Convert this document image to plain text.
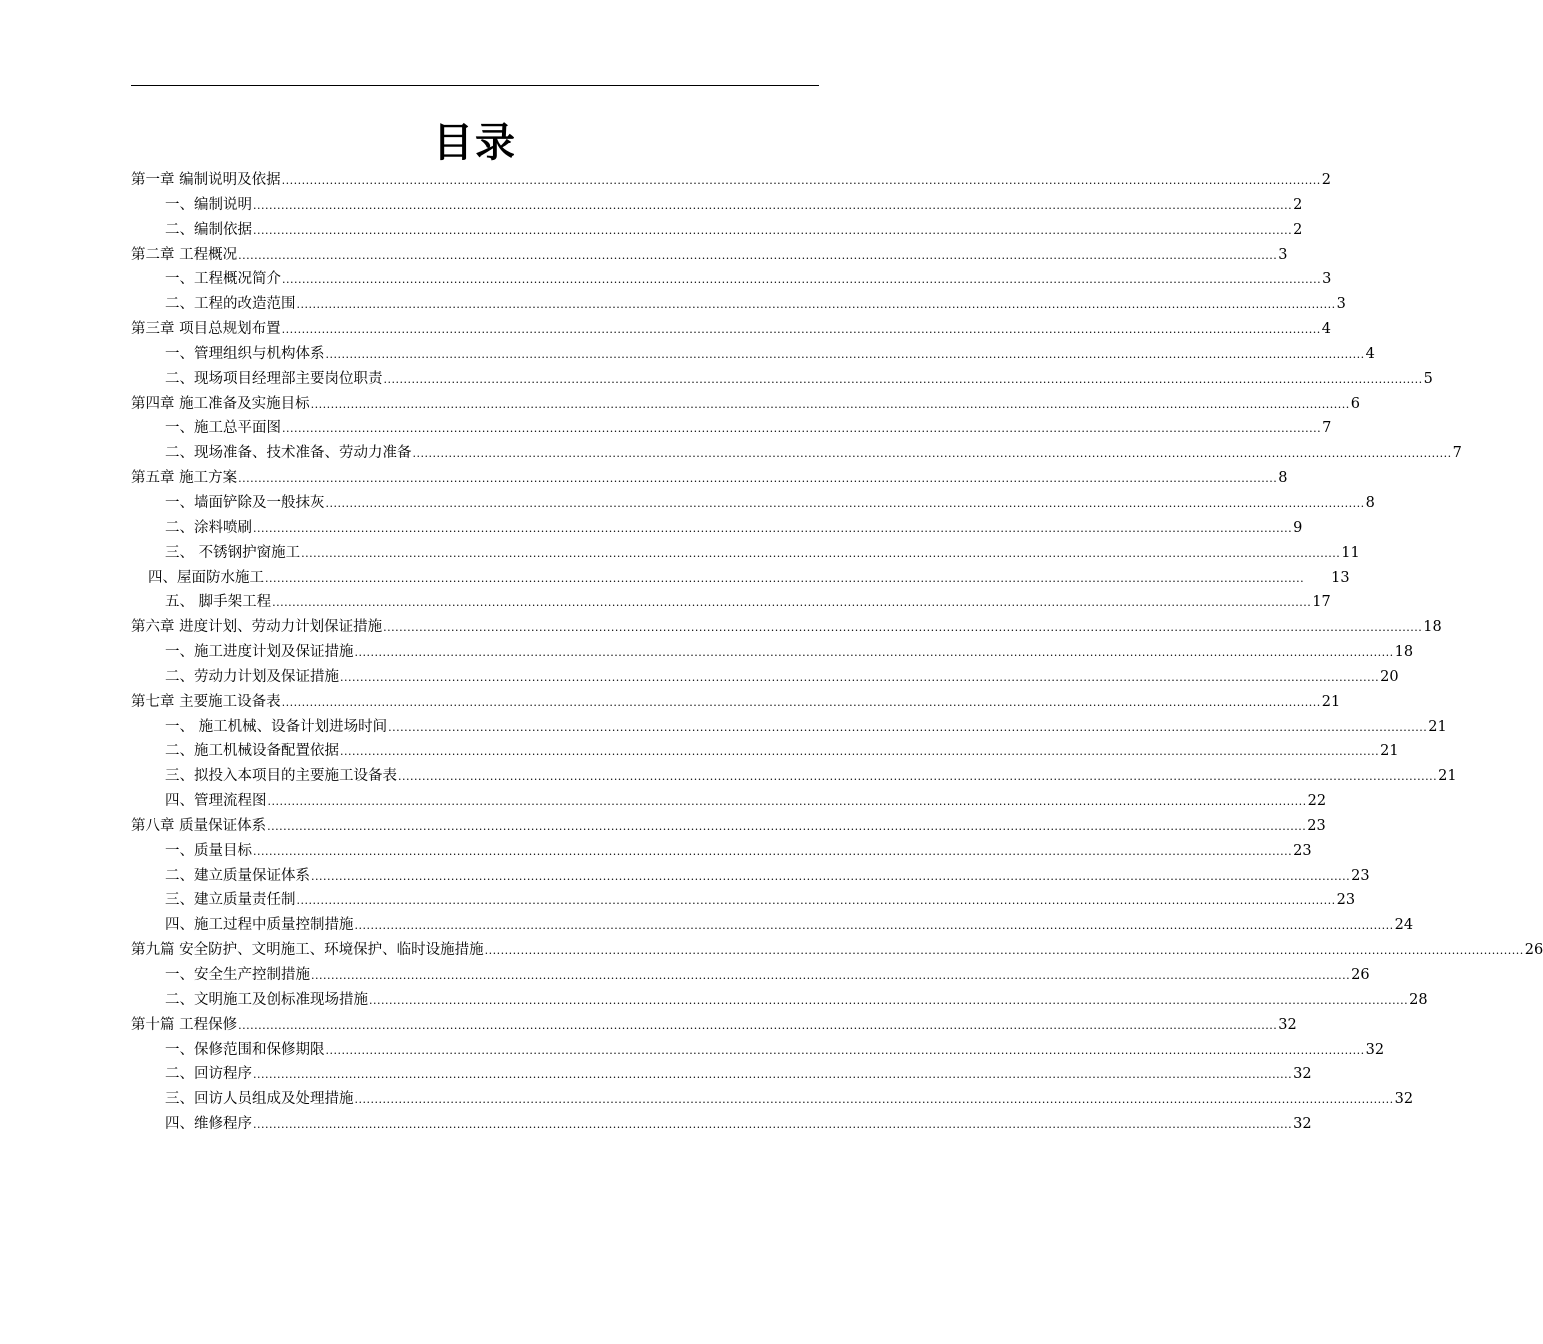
目录
第一章 编制说明及依据 .................................................................................................................................................................................................................................................................... 2
一、编制说明 .................................................................................................................................................................................................................................................................... 2
二、编制依据 .................................................................................................................................................................................................................................................................... 2
第二章 工程概况 .................................................................................................................................................................................................................................................................... 3
一、工程概况简介 .................................................................................................................................................................................................................................................................... 3
二、工程的改造范围 .................................................................................................................................................................................................................................................................... 3
第三章 项目总规划布置 .................................................................................................................................................................................................................................................................... 4
一、管理组织与机构体系 .................................................................................................................................................................................................................................................................... 4
二、现场项目经理部主要岗位职责 .................................................................................................................................................................................................................................................................... 5
第四章 施工准备及实施目标 .................................................................................................................................................................................................................................................................... 6
一、施工总平面图 .................................................................................................................................................................................................................................................................... 7
二、现场准备、技术准备、劳动力准备 .................................................................................................................................................................................................................................................................... 7
第五章 施工方案 .................................................................................................................................................................................................................................................................... 8
一、墙面铲除及一般抹灰 .................................................................................................................................................................................................................................................................... 8
二、涂料喷刷 .................................................................................................................................................................................................................................................................... 9
三、 不锈钢护窗施工 .................................................................................................................................................................................................................................................................... 11
四、屋面防水施工 .................................................................................................................................................................................................................................................................... 13
五、 脚手架工程 .................................................................................................................................................................................................................................................................... 17
第六章 进度计划、劳动力计划保证措施 .................................................................................................................................................................................................................................................................... 18
一、施工进度计划及保证措施 .................................................................................................................................................................................................................................................................... 18
二、劳动力计划及保证措施 .................................................................................................................................................................................................................................................................... 20
第七章 主要施工设备表 .................................................................................................................................................................................................................................................................... 21
一、 施工机械、设备计划进场时间 .................................................................................................................................................................................................................................................................... 21
二、施工机械设备配置依据 .................................................................................................................................................................................................................................................................... 21
三、拟投入本项目的主要施工设备表 .................................................................................................................................................................................................................................................................... 21
四、管理流程图 .................................................................................................................................................................................................................................................................... 22
第八章 质量保证体系 .................................................................................................................................................................................................................................................................... 23
一、质量目标 .................................................................................................................................................................................................................................................................... 23
二、建立质量保证体系 .................................................................................................................................................................................................................................................................... 23
三、建立质量责任制 .................................................................................................................................................................................................................................................................... 23
四、施工过程中质量控制措施 .................................................................................................................................................................................................................................................................... 24
第九篇 安全防护、文明施工、环境保护、临时设施措施 .................................................................................................................................................................................................................................................................... 26
一、安全生产控制措施 .................................................................................................................................................................................................................................................................... 26
二、文明施工及创标准现场措施 .................................................................................................................................................................................................................................................................... 28
第十篇 工程保修 .................................................................................................................................................................................................................................................................... 32
一、保修范围和保修期限 .................................................................................................................................................................................................................................................................... 32
二、回访程序 .................................................................................................................................................................................................................................................................... 32
三、回访人员组成及处理措施 .................................................................................................................................................................................................................................................................... 32
四、维修程序 .................................................................................................................................................................................................................................................................... 32
